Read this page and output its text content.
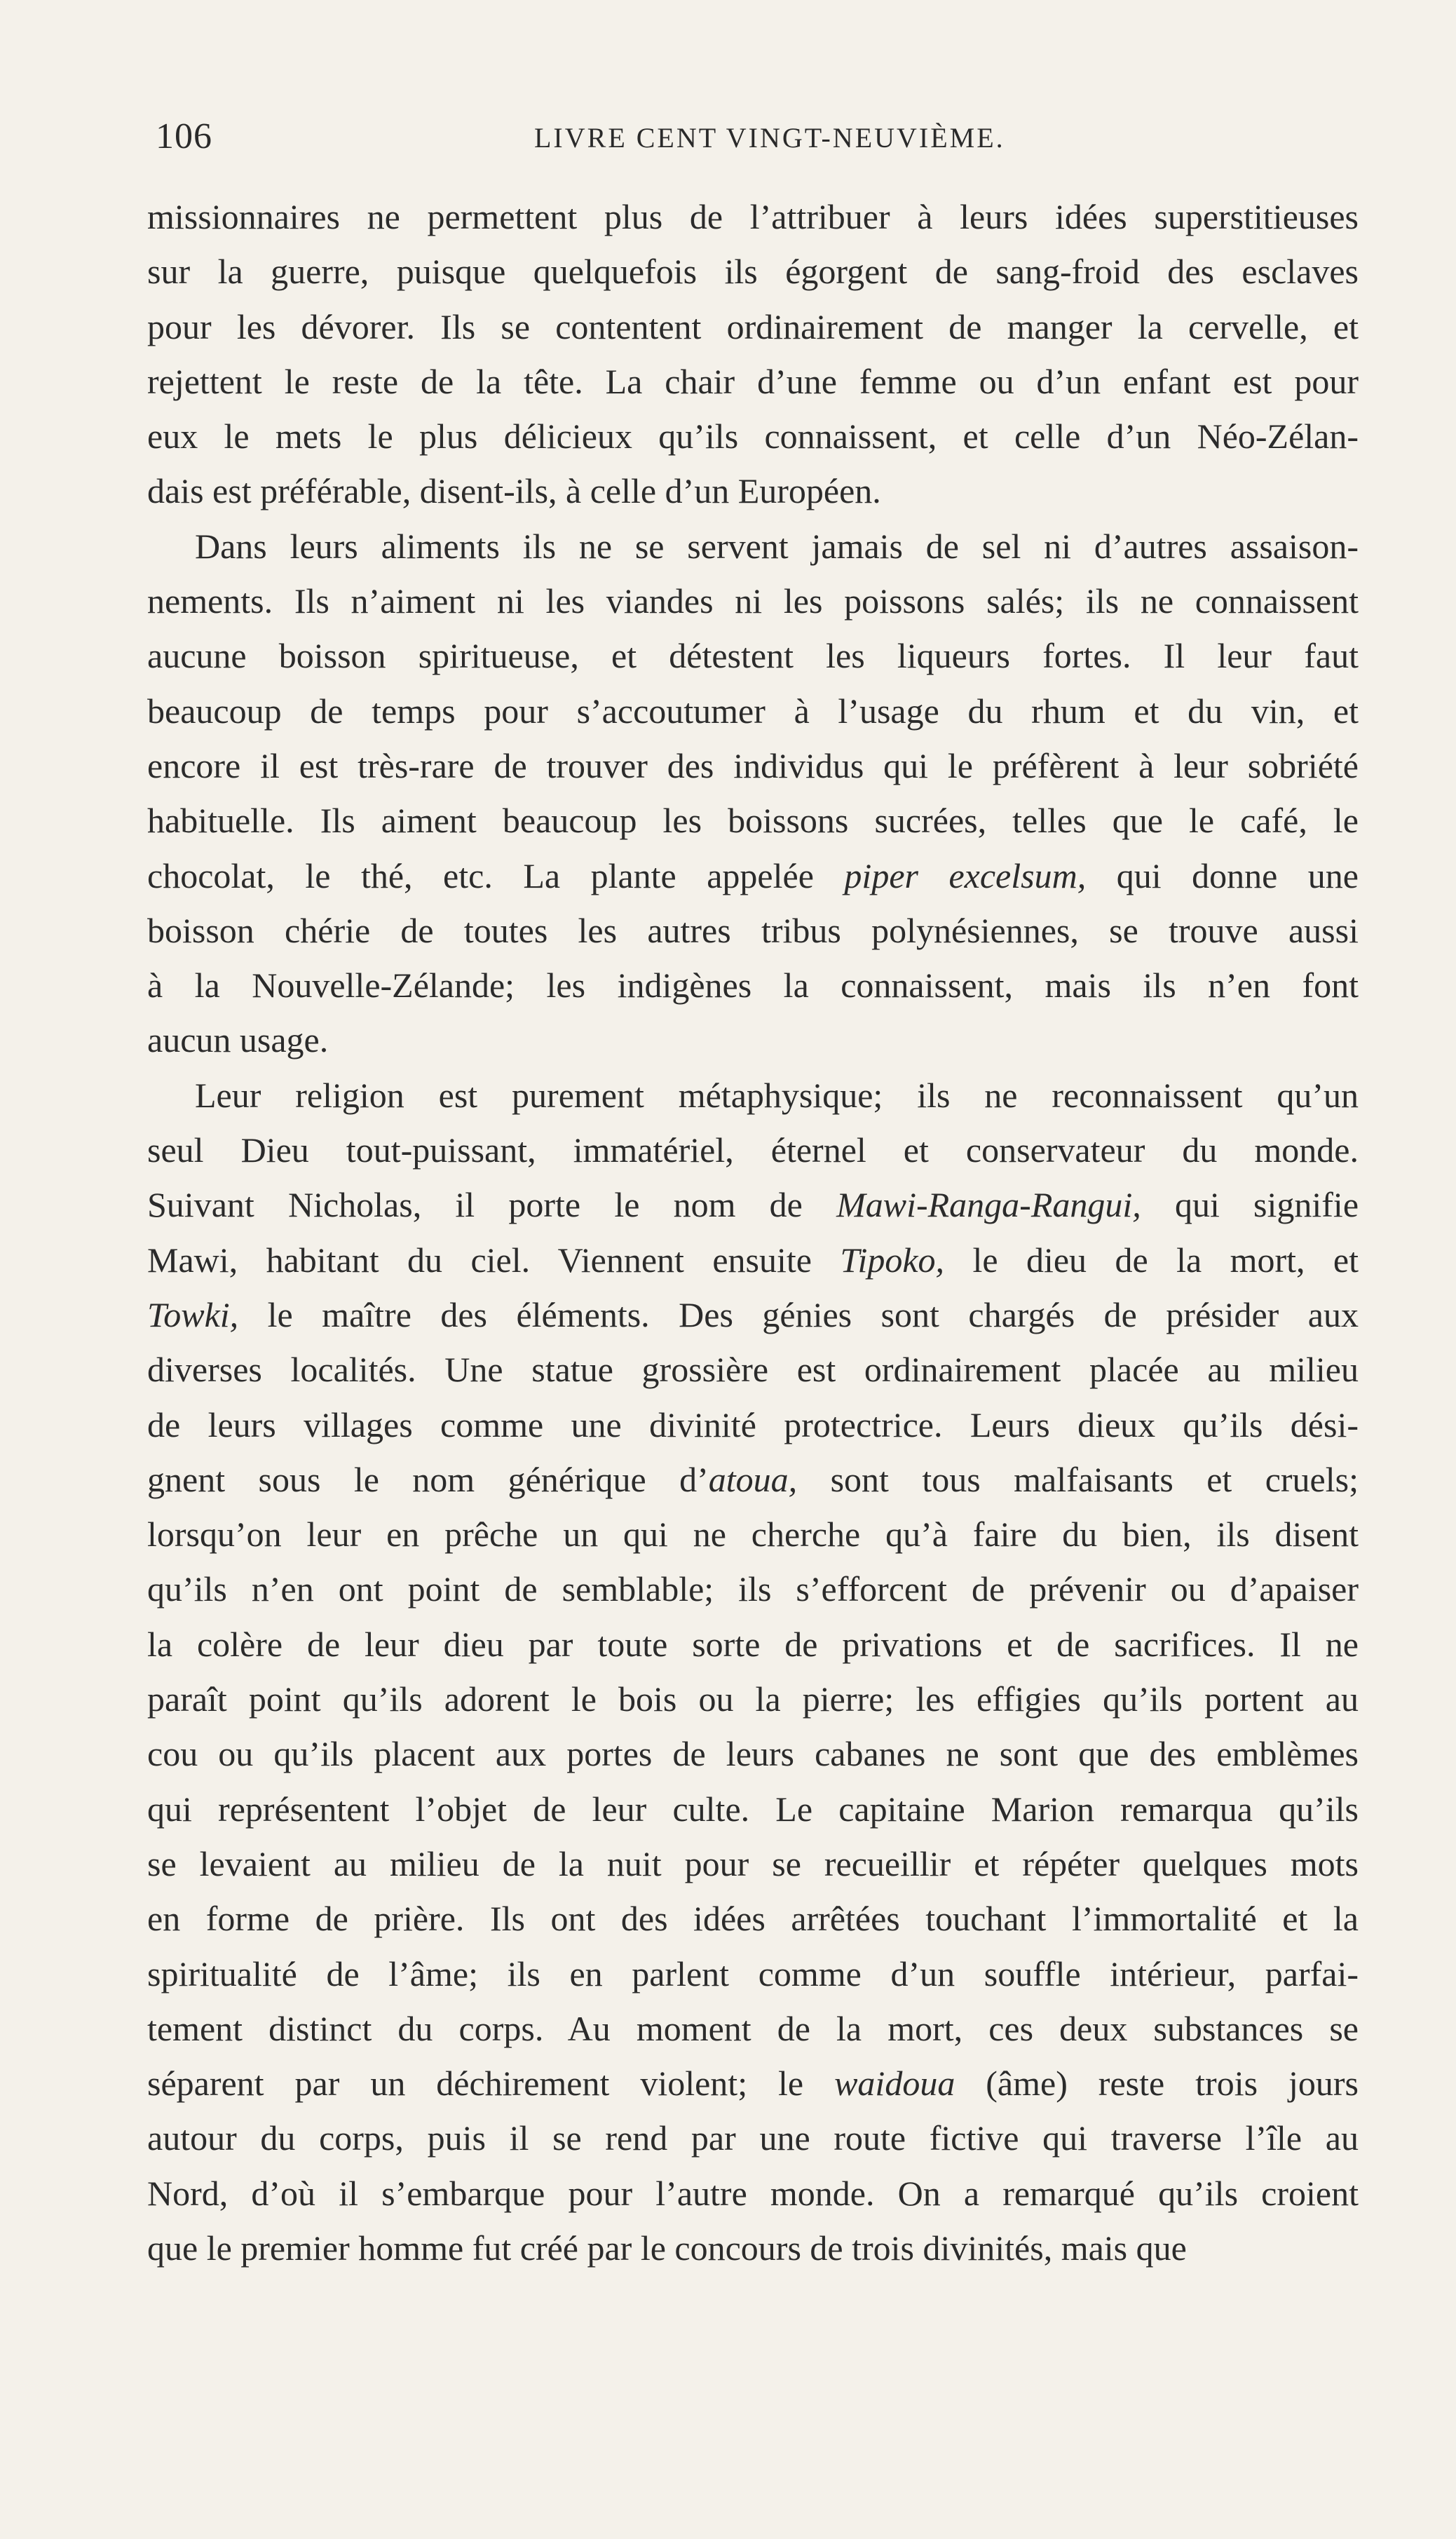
106	LIVRE CENT VINGT-NEUVIÈME.
missionnaires ne permettent plus de l’attribuer à leurs idées superstitieuses
sur la guerre, puisque quelquefois ils égorgent de sang-froid des esclaves
pour les dévorer. Ils se contentent ordinairement de manger la cervelle, et
rejettent le reste de la tête. La chair d’une femme ou d’un enfant est pour
eux le mets le plus délicieux qu’ils connaissent, et celle d’un Néo-Zélan-
dais est préférable, disent-ils, à celle d’un Européen.
Dans leurs aliments ils ne se servent jamais de sel ni d’autres assaison-
nements. Ils n’aiment ni les viandes ni les poissons salés; ils ne connaissent
aucune boisson spiritueuse, et détestent les liqueurs fortes. Il leur faut
beaucoup de temps pour s’accoutumer à l’usage du rhum et du vin, et
encore il est très-rare de trouver des individus qui le préfèrent à leur sobriété
habituelle. Ils aiment beaucoup les boissons sucrées, telles que le café, le
chocolat, le thé, etc. La plante appelée piper excelsum, qui donne une
boisson chérie de toutes les autres tribus polynésiennes, se trouve aussi
à la Nouvelle-Zélande; les indigènes la connaissent, mais ils n’en font
aucun usage.
Leur religion est purement métaphysique; ils ne reconnaissent qu’un
seul Dieu tout-puissant, immatériel, éternel et conservateur du monde.
Suivant Nicholas, il porte le nom de Mawi-Ranga-Rangui, qui signifie
Mawi, habitant du ciel. Viennent ensuite Tipoko, le dieu de la mort, et
Towki, le maître des éléments. Des génies sont chargés de présider aux
diverses localités. Une statue grossière est ordinairement placée au milieu
de leurs villages comme une divinité protectrice. Leurs dieux qu’ils dési-
gnent sous le nom générique d’atoua, sont tous malfaisants et cruels;
lorsqu’on leur en prêche un qui ne cherche qu’à faire du bien, ils disent
qu’ils n’en ont point de semblable; ils s’efforcent de prévenir ou d’apaiser
la colère de leur dieu par toute sorte de privations et de sacrifices. Il ne
paraît point qu’ils adorent le bois ou la pierre; les effigies qu’ils portent au
cou ou qu’ils placent aux portes de leurs cabanes ne sont que des emblèmes
qui représentent l’objet de leur culte. Le capitaine Marion remarqua qu’ils
se levaient au milieu de la nuit pour se recueillir et répéter quelques mots
en forme de prière. Ils ont des idées arrêtées touchant l’immortalité et la
spiritualité de l’âme; ils en parlent comme d’un souffle intérieur, parfai-
tement distinct du corps. Au moment de la mort, ces deux substances se
séparent par un déchirement violent; le waidoua (âme) reste trois jours
autour du corps, puis il se rend par une route fictive qui traverse l’île au
Nord, d’où il s’embarque pour l’autre monde. On a remarqué qu’ils croient
que le premier homme fut créé par le concours de trois divinités, mais que
